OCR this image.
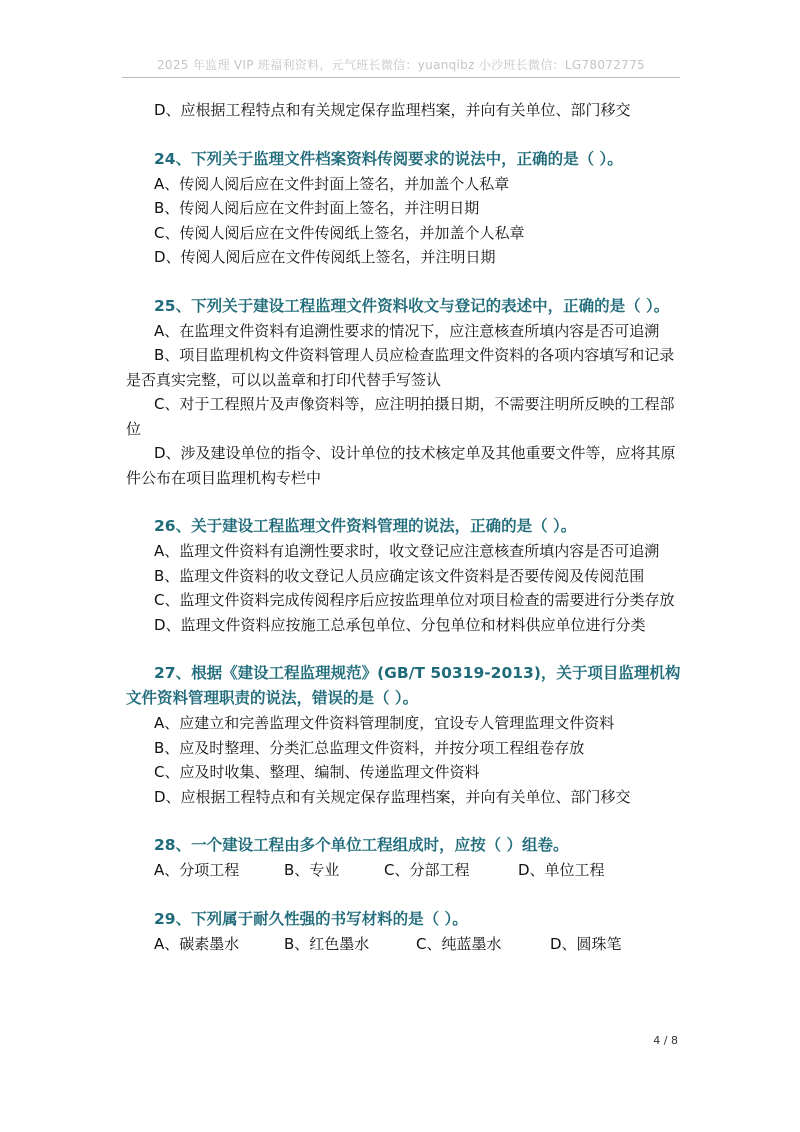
2025 年监理 VIP 班福利资料，元气班长微信：yuanqibz 小沙班长微信：LG78072775

D、应根据工程特点和有关规定保存监理档案，并向有关单位、部门移交

24、下列关于监理文件档案资料传阅要求的说法中，正确的是（ ）。

A、传阅人阅后应在文件封面上签名，并加盖个人私章

B、传阅人阅后应在文件封面上签名，并注明日期

C、传阅人阅后应在文件传阅纸上签名，并加盖个人私章

D、传阅人阅后应在文件传阅纸上签名，并注明日期

25、下列关于建设工程监理文件资料收文与登记的表述中，正确的是（ ）。

A、在监理文件资料有追溯性要求的情况下，应注意核查所填内容是否可追溯

B、项目监理机构文件资料管理人员应检查监理文件资料的各项内容填写和记录是否真实完整，可以以盖章和打印代替手写签认

C、对于工程照片及声像资料等，应注明拍摄日期，不需要注明所反映的工程部位

D、涉及建设单位的指令、设计单位的技术核定单及其他重要文件等，应将其原件公布在项目监理机构专栏中

26、关于建设工程监理文件资料管理的说法，正确的是（ ）。

A、监理文件资料有追溯性要求时，收文登记应注意核查所填内容是否可追溯

B、监理文件资料的收文登记人员应确定该文件资料是否要传阅及传阅范围

C、监理文件资料完成传阅程序后应按监理单位对项目检查的需要进行分类存放

D、监理文件资料应按施工总承包单位、分包单位和材料供应单位进行分类

27、根据《建设工程监理规范》(GB/T 50319-2013)，关于项目监理机构文件资料管理职责的说法，错误的是（ ）。

A、应建立和完善监理文件资料管理制度，宜设专人管理监理文件资料

B、应及时整理、分类汇总监理文件资料，并按分项工程组卷存放

C、应及时收集、整理、编制、传递监理文件资料

D、应根据工程特点和有关规定保存监理档案，并向有关单位、部门移交

28、一个建设工程由多个单位工程组成时，应按（ ）组卷。

A、分项工程	B、专业	C、分部工程	D、单位工程

29、下列属于耐久性强的书写材料的是（ ）。

A、碳素墨水	B、红色墨水	C、纯蓝墨水	D、圆珠笔

4 / 8
